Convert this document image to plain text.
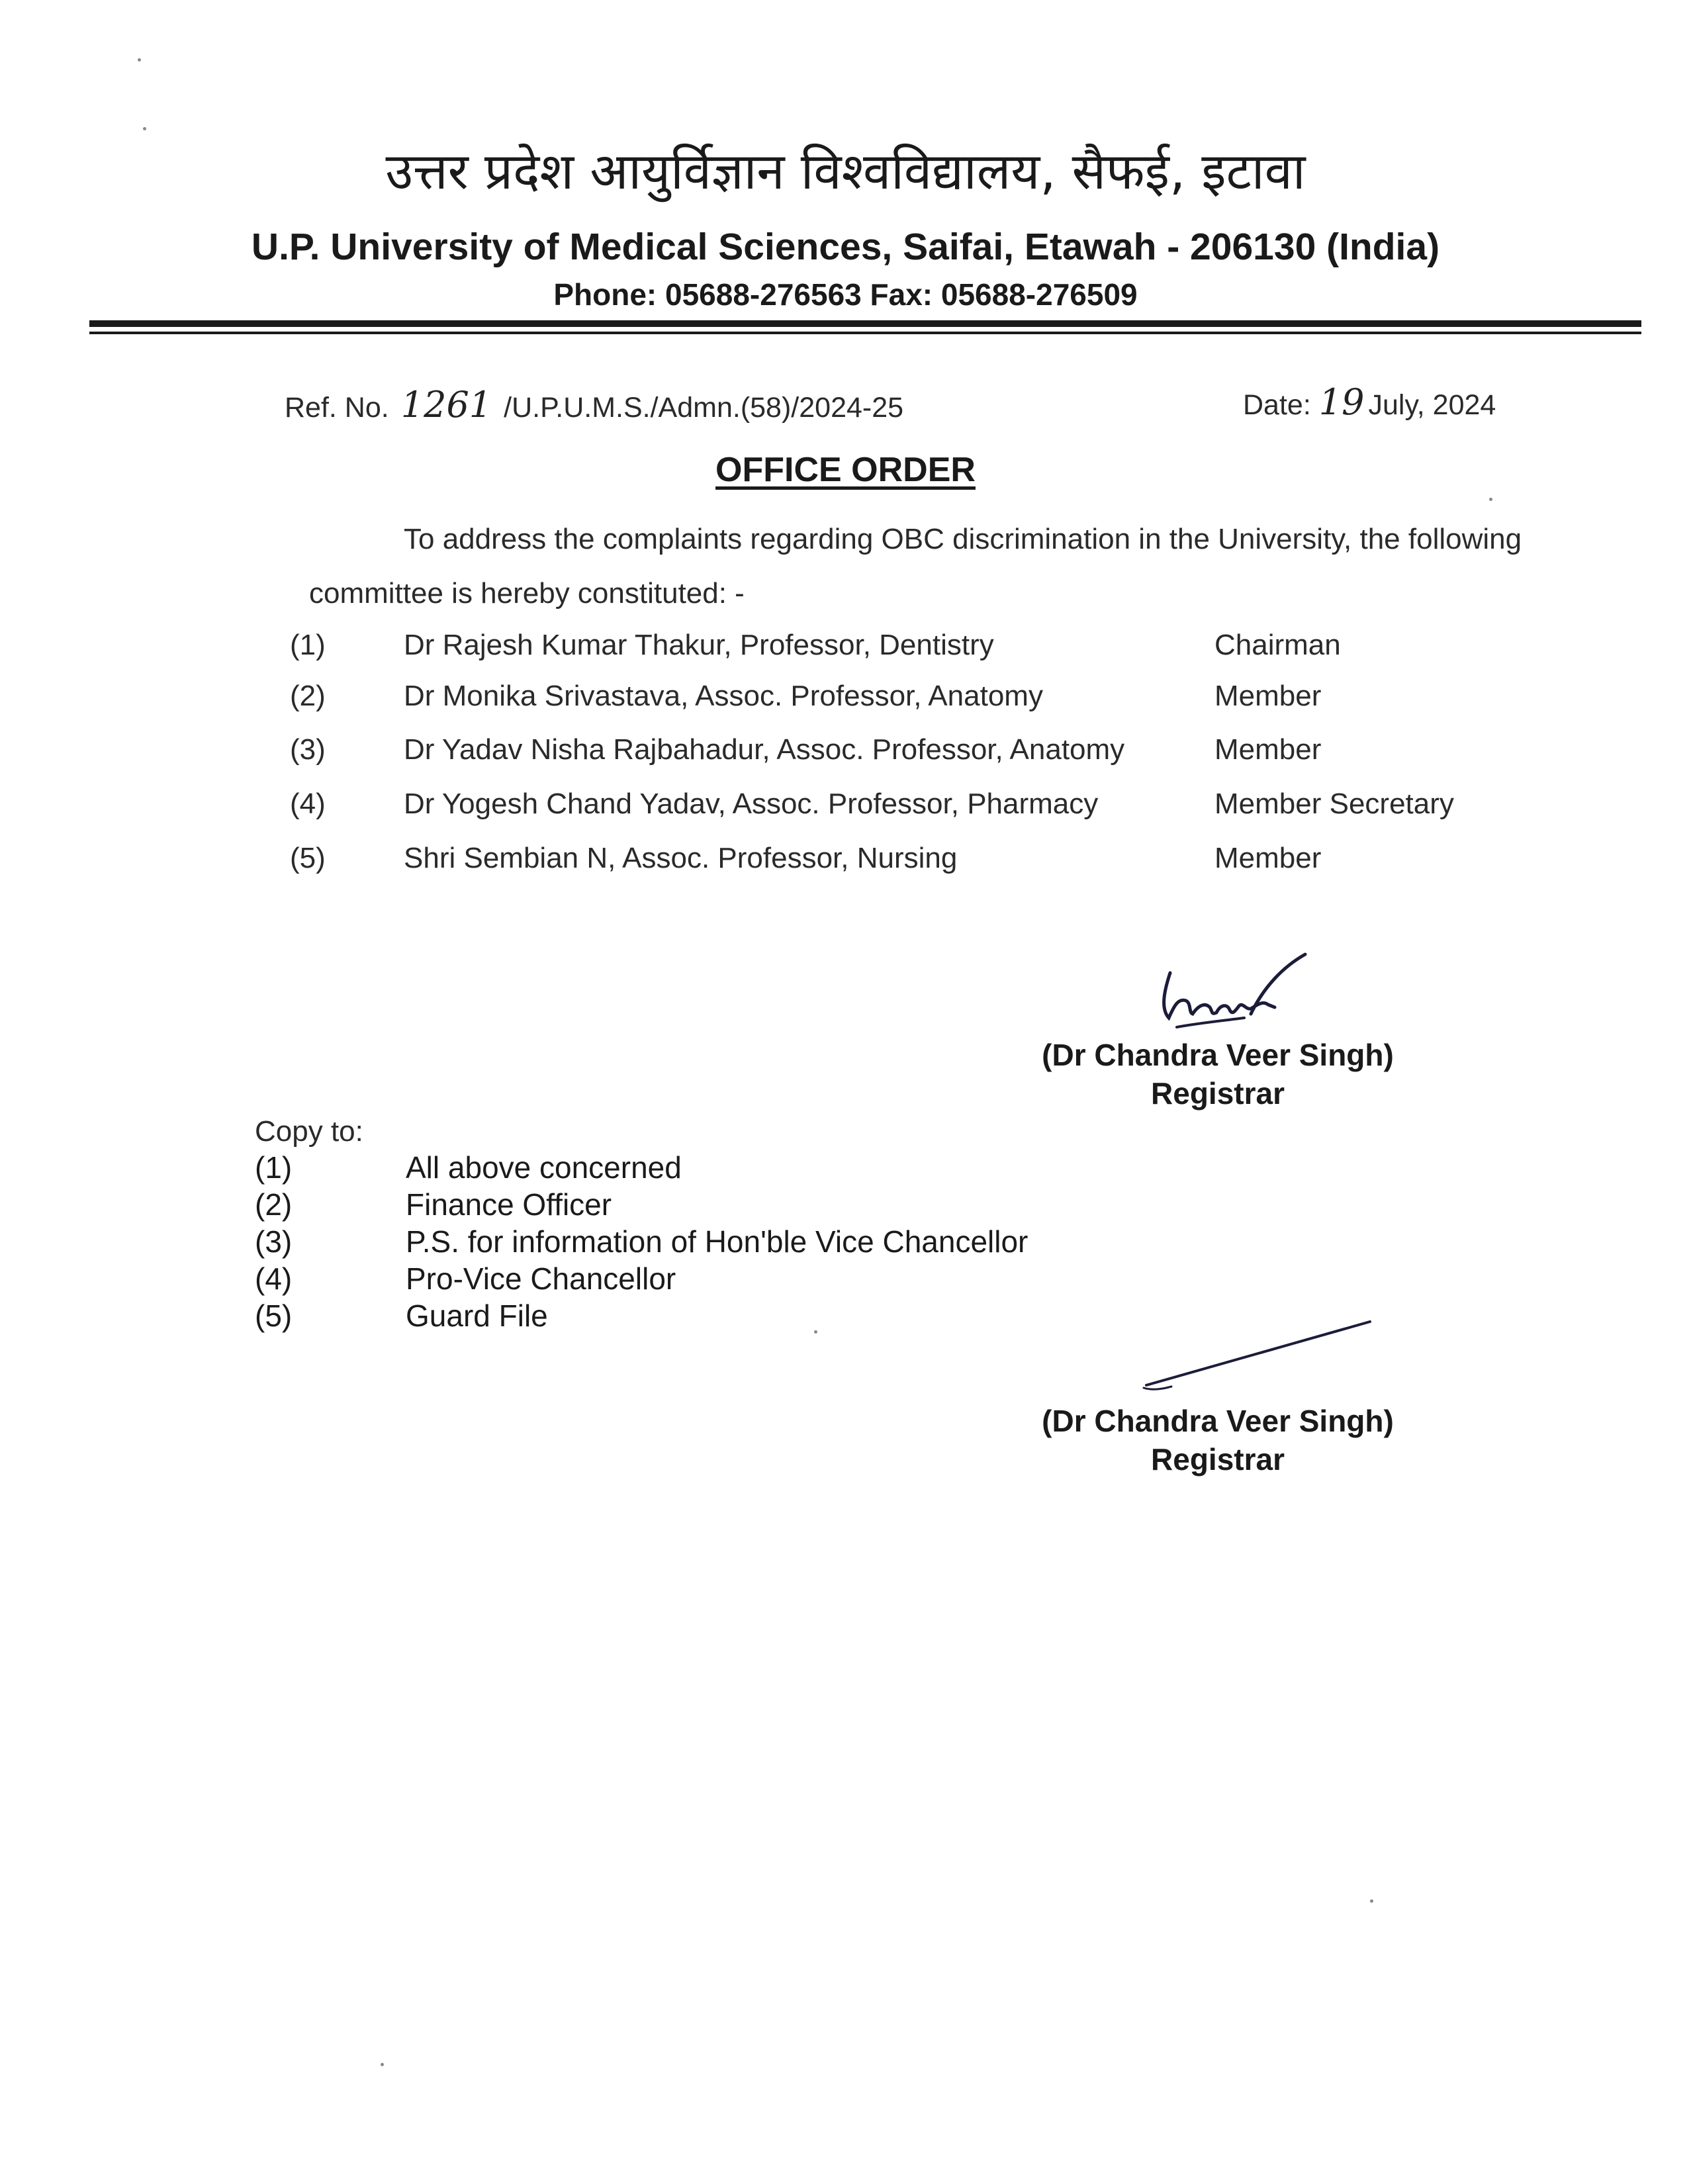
उत्तर प्रदेश आयुर्विज्ञान विश्वविद्यालय, सैफई, इटावा
U.P. University of Medical Sciences, Saifai, Etawah - 206130 (India)
Phone: 05688-276563 Fax: 05688-276509
Ref. No. 1261 /U.P.U.M.S./Admn.(58)/2024-25	Date: 19 July, 2024
OFFICE ORDER
To address the complaints regarding OBC discrimination in the University, the following
committee is hereby constituted: -
(1)	Dr Rajesh Kumar Thakur, Professor, Dentistry	Chairman
(2)	Dr Monika Srivastava, Assoc. Professor, Anatomy	Member
(3)	Dr Yadav Nisha Rajbahadur, Assoc. Professor, Anatomy	Member
(4)	Dr Yogesh Chand Yadav, Assoc. Professor, Pharmacy	Member Secretary
(5)	Shri Sembian N, Assoc. Professor, Nursing	Member
(Dr Chandra Veer Singh)
Registrar
Copy to:
(1)	All above concerned
(2)	Finance Officer
(3)	P.S. for information of Hon'ble Vice Chancellor
(4)	Pro-Vice Chancellor
(5)	Guard File
(Dr Chandra Veer Singh)
Registrar
